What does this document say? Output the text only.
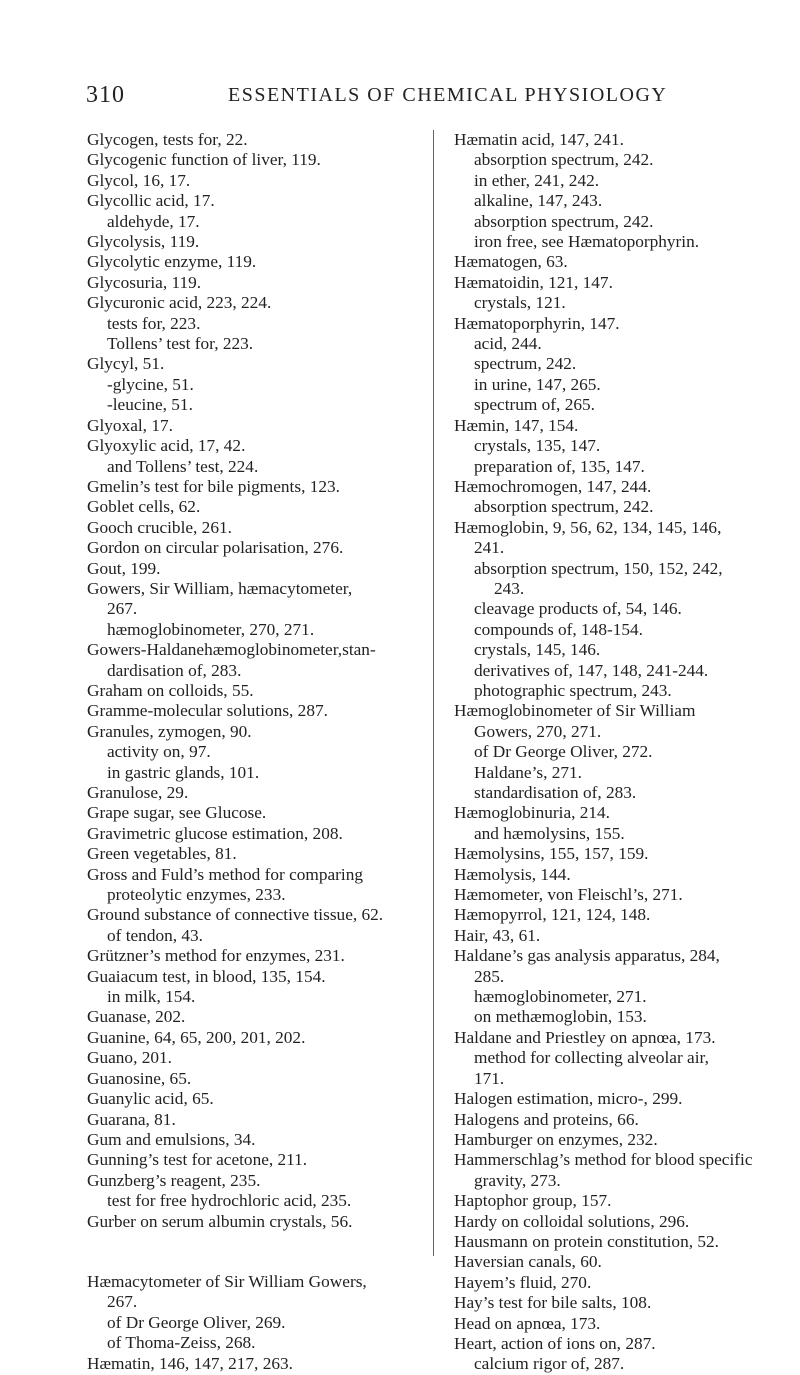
310	ESSENTIALS OF CHEMICAL PHYSIOLOGY
Glycogen, tests for, 22.
Glycogenic function of liver, 119.
Glycol, 16, 17.
Glycollic acid, 17.
aldehyde, 17.
Glycolysis, 119.
Glycolytic enzyme, 119.
Glycosuria, 119.
Glycuronic acid, 223, 224.
tests for, 223.
Tollens’ test for, 223.
Glycyl, 51.
-glycine, 51.
-leucine, 51.
Glyoxal, 17.
Glyoxylic acid, 17, 42.
and Tollens’ test, 224.
Gmelin’s test for bile pigments, 123.
Goblet cells, 62.
Gooch crucible, 261.
Gordon on circular polarisation, 276.
Gout, 199.
Gowers, Sir William, hæmacytometer,
267.
hæmoglobinometer, 270, 271.
Gowers-Haldanehæmoglobinometer,stan-
dardisation of, 283.
Graham on colloids, 55.
Gramme-molecular solutions, 287.
Granules, zymogen, 90.
activity on, 97.
in gastric glands, 101.
Granulose, 29.
Grape sugar, see Glucose.
Gravimetric glucose estimation, 208.
Green vegetables, 81.
Gross and Fuld’s method for comparing
proteolytic enzymes, 233.
Ground substance of connective tissue, 62.
of tendon, 43.
Grützner’s method for enzymes, 231.
Guaiacum test, in blood, 135, 154.
in milk, 154.
Guanase, 202.
Guanine, 64, 65, 200, 201, 202.
Guano, 201.
Guanosine, 65.
Guanylic acid, 65.
Guarana, 81.
Gum and emulsions, 34.
Gunning’s test for acetone, 211.
Gunzberg’s reagent, 235.
test for free hydrochloric acid, 235.
Gurber on serum albumin crystals, 56.
Hæmacytometer of Sir William Gowers,
267.
of Dr George Oliver, 269.
of Thoma-Zeiss, 268.
Hæmatin, 146, 147, 217, 263.
Hæmatin acid, 147, 241.
absorption spectrum, 242.
in ether, 241, 242.
alkaline, 147, 243.
absorption spectrum, 242.
iron free, see Hæmatoporphyrin.
Hæmatogen, 63.
Hæmatoidin, 121, 147.
crystals, 121.
Hæmatoporphyrin, 147.
acid, 244.
spectrum, 242.
in urine, 147, 265.
spectrum of, 265.
Hæmin, 147, 154.
crystals, 135, 147.
preparation of, 135, 147.
Hæmochromogen, 147, 244.
absorption spectrum, 242.
Hæmoglobin, 9, 56, 62, 134, 145, 146,
241.
absorption spectrum, 150, 152, 242,
243.
cleavage products of, 54, 146.
compounds of, 148-154.
crystals, 145, 146.
derivatives of, 147, 148, 241-244.
photographic spectrum, 243.
Hæmoglobinometer of Sir William
Gowers, 270, 271.
of Dr George Oliver, 272.
Haldane’s, 271.
standardisation of, 283.
Hæmoglobinuria, 214.
and hæmolysins, 155.
Hæmolysins, 155, 157, 159.
Hæmolysis, 144.
Hæmometer, von Fleischl’s, 271.
Hæmopyrrol, 121, 124, 148.
Hair, 43, 61.
Haldane’s gas analysis apparatus, 284,
285.
hæmoglobinometer, 271.
on methæmoglobin, 153.
Haldane and Priestley on apnœa, 173.
method for collecting alveolar air,
171.
Halogen estimation, micro-, 299.
Halogens and proteins, 66.
Hamburger on enzymes, 232.
Hammerschlag’s method for blood specific
gravity, 273.
Haptophor group, 157.
Hardy on colloidal solutions, 296.
Hausmann on protein constitution, 52.
Haversian canals, 60.
Hayem’s fluid, 270.
Hay’s test for bile salts, 108.
Head on apnœa, 173.
Heart, action of ions on, 287.
calcium rigor of, 287.
